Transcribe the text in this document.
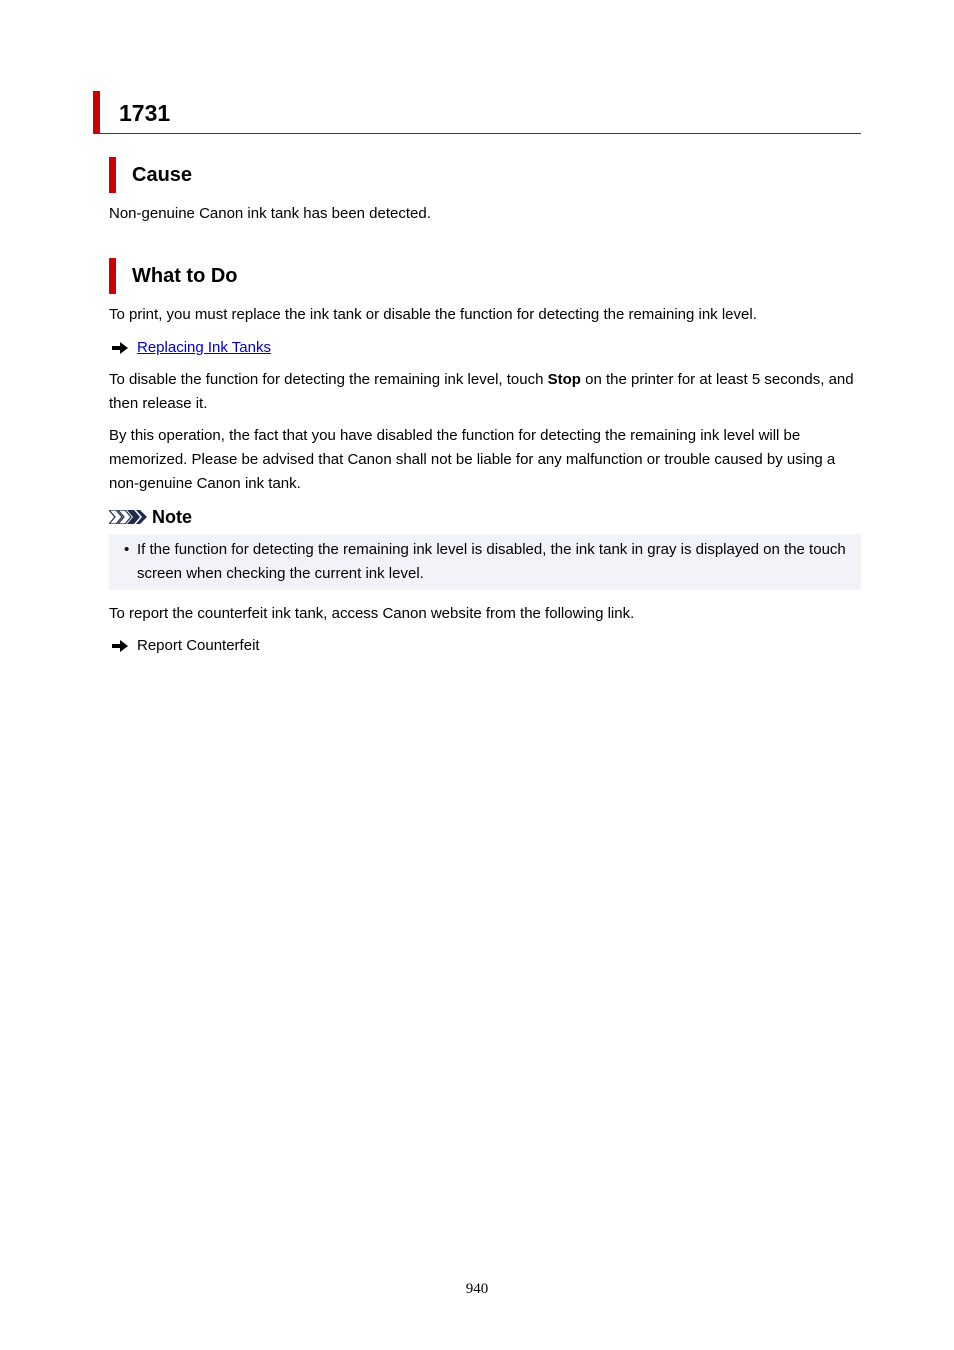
1731
Cause
Non-genuine Canon ink tank has been detected.
What to Do
To print, you must replace the ink tank or disable the function for detecting the remaining ink level.
Replacing Ink Tanks
To disable the function for detecting the remaining ink level, touch Stop on the printer for at least 5 seconds, and then release it.
By this operation, the fact that you have disabled the function for detecting the remaining ink level will be memorized. Please be advised that Canon shall not be liable for any malfunction or trouble caused by using a non-genuine Canon ink tank.
Note
• If the function for detecting the remaining ink level is disabled, the ink tank in gray is displayed on the touch screen when checking the current ink level.
To report the counterfeit ink tank, access Canon website from the following link.
Report Counterfeit
940
